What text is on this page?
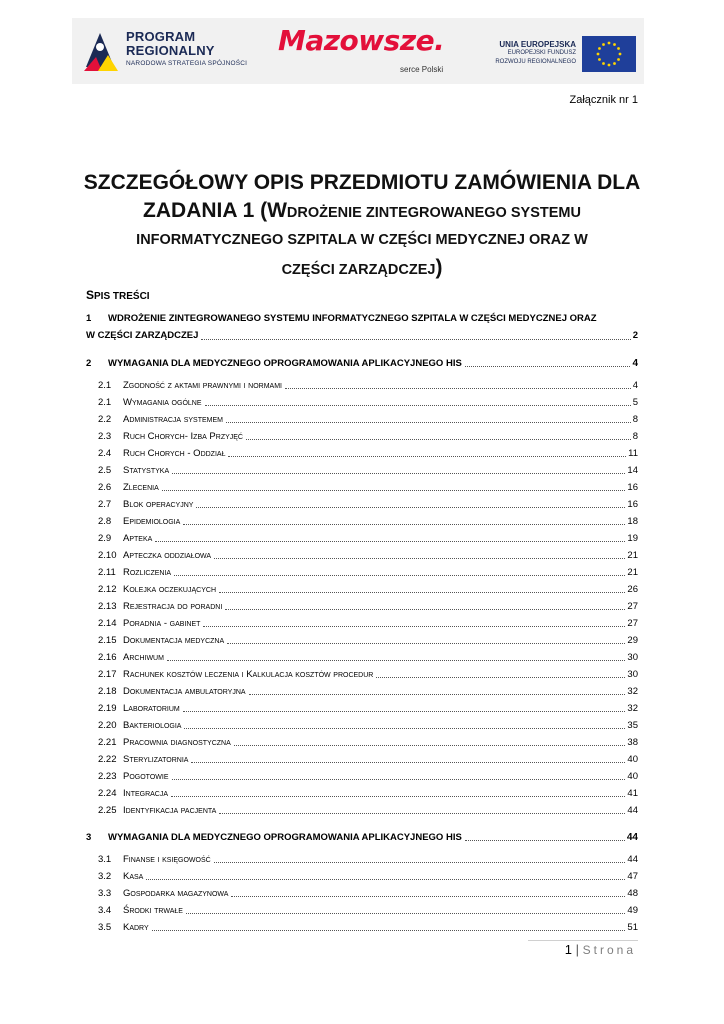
PROGRAM
REGIONALNY
NARODOWA STRATEGIA SPÓJNOŚCI
Mazowsze.
serce Polski
UNIA EUROPEJSKA
EUROPEJSKI FUNDUSZ
ROZWOJU REGIONALNEGO
Załącznik nr 1
SZCZEGÓŁOWY OPIS PRZEDMIOTU ZAMÓWIENIA DLA
ZADANIA 1 (WDROŻENIE ZINTEGROWANEGO SYSTEMU
INFORMATYCZNEGO SZPITALA W CZĘŚCI MEDYCZNEJ ORAZ W
CZĘŚCI ZARZĄDCZEJ)
SPIS TREŚCI
1 WDROŻENIE ZINTEGROWANEGO SYSTEMU INFORMATYCZNEGO SZPITALA W CZĘŚCI MEDYCZNEJ ORAZ
W CZĘŚCI ZARZĄDCZEJ	2
2	WYMAGANIA DLA MEDYCZNEGO OPROGRAMOWANIA APLIKACYJNEGO HIS	4
2.1	Zgodność z aktami prawnymi i normami	4
2.1	Wymagania ogólne	5
2.2	Administracja systemem	8
2.3	Ruch Chorych- Izba Przyjęć	8
2.4	Ruch Chorych - Oddział	11
2.5	Statystyka	14
2.6	Zlecenia	16
2.7	Blok operacyjny	16
2.8	Epidemiologia	18
2.9	Apteka	19
2.10 Apteczka oddziałowa	21
2.11 Rozliczenia	21
2.12 Kolejka oczekujących	26
2.13 Rejestracja do poradni	27
2.14 Poradnia - gabinet	27
2.15 Dokumentacja medyczna	29
2.16 Archiwum	30
2.17 Rachunek kosztów leczenia i Kalkulacja kosztów procedur	30
2.18 Dokumentacja ambulatoryjna	32
2.19 Laboratorium	32
2.20 Bakteriologia	35
2.21 Pracownia diagnostyczna	38
2.22 Sterylizatornia	40
2.23 Pogotowie	40
2.24 Integracja	41
2.25 Identyfikacja pacjenta	44
3	WYMAGANIA DLA MEDYCZNEGO OPROGRAMOWANIA APLIKACYJNEGO HIS	44
3.1	Finanse i księgowość	44
3.2	Kasa	47
3.3	Gospodarka magazynowa	48
3.4	Środki trwałe	49
3.5	Kadry	51
1 | Strona
